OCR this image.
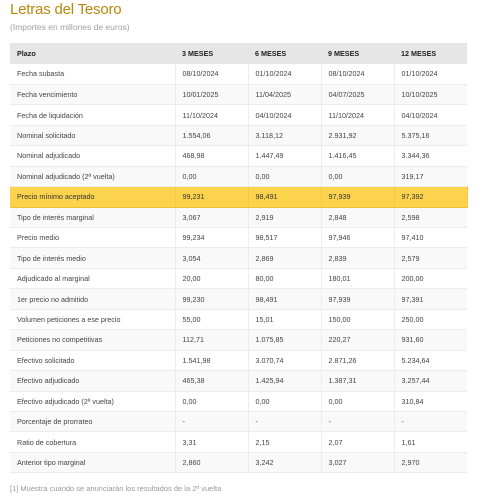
Letras del Tesoro
(Importes en millones de euros)
Plazo	3 MESES	6 MESES	9 MESES	12 MESES
Fecha subasta	08/10/2024	01/10/2024	08/10/2024	01/10/2024
Fecha vencimiento	10/01/2025	11/04/2025	04/07/2025	10/10/2025
Fecha de liquidación	11/10/2024	04/10/2024	11/10/2024	04/10/2024
Nominal solicitado	1.554,06	3.118,12	2.931,92	5.375,16
Nominal adjudicado	468,98	1.447,49	1.416,45	3.344,36
Nominal adjudicado (2ª vuelta)	0,00	0,00	0,00	319,17
Precio mínimo aceptado	99,231	98,491	97,939	97,392
Tipo de interés marginal	3,067	2,919	2,848	2,598
Precio medio	99,234	98,517	97,946	97,410
Tipo de interés medio	3,054	2,869	2,839	2,579
Adjudicado al marginal	20,00	80,00	180,01	200,00
1er precio no admitido	99,230	98,491	97,939	97,391
Volumen peticiones a ese precio	55,00	15,01	150,00	250,00
Peticiones no competitivas	112,71	1.075,85	220,27	931,60
Efectivo solicitado	1.541,98	3.070,74	2.871,26	5.234,64
Efectivo adjudicado	465,38	1.425,94	1.387,31	3.257,44
Efectivo adjudicado (2ª vuelta)	0,00	0,00	0,00	310,84
Porcentaje de prorrateo	-	-	-	-
Ratio de cobertura	3,31	2,15	2,07	1,61
Anterior tipo marginal	2,860	3,242	3,027	2,970
[1] Muestra cuando se anunciarán los resultados de la 2ª vuelta
